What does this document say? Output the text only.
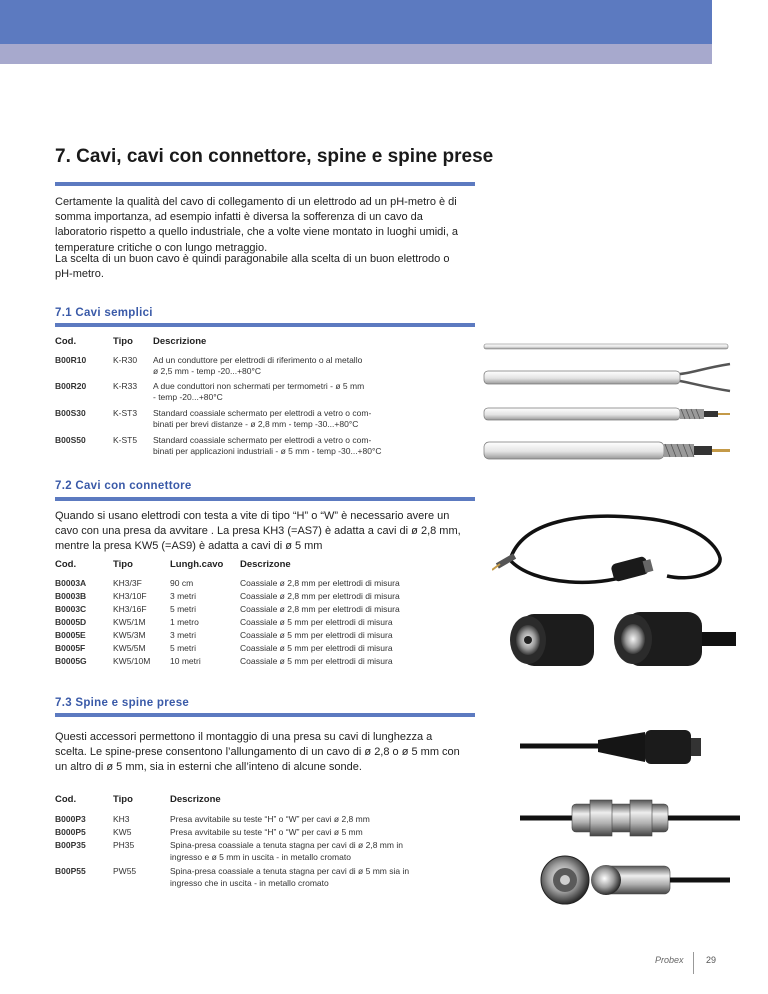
7. Cavi, cavi con connettore, spine e spine prese

Certamente la qualità del cavo di collegamento di un elettrodo ad un pH-metro è di somma importanza, ad esempio infatti è diversa la sofferenza di un cavo da laboratorio rispetto a quello industriale, che a volte viene montato in luoghi umidi, a temperature critiche o con lungo metraggio.

La scelta di un buon cavo è quindi paragonabile alla scelta di un buon elettrodo o pH-metro.

7.1 Cavi semplici
Cod.	Tipo Descrizione
B00R10	K-R30 Ad un conduttore per elettrodi di riferimento o al metallo
ø 2,5 mm - temp -20...+80°C
B00R20	K-R33 A due conduttori non schermati per termometri - ø 5 mm
- temp -20...+80°C
B00S30	K-ST3 Standard coassiale schermato per elettrodi a vetro o com-
binati per brevi distanze - ø 2,8 mm - temp -30...+80°C
B00S50	K-ST5 Standard coassiale schermato per elettrodi a vetro o com-
binati per applicazioni industriali - ø 5 mm - temp -30...+80°C
7.2 Cavi con connettore

Quando si usano elettrodi con testa a vite di tipo “H” o “W” è necessario avere un cavo con una presa da avvitare . La presa KH3 (=AS7) è adatta a cavi di ø 2,8 mm, mentre la presa KW5 (=AS9) è adatta a cavi di ø 5 mm

Cod.	Tipo	Lungh.cavo Descrizone
B0003A	KH3/3F	90 cm	Coassiale ø 2,8 mm per elettrodi di misura
B0003B	KH3/10F	3 metri	Coassiale ø 2,8 mm per elettrodi di misura
B0003C	KH3/16F	5 metri	Coassiale ø 2,8 mm per elettrodi di misura
B0005D	KW5/1M	1 metro	Coassiale ø 5 mm per elettrodi di misura
B0005E	KW5/3M	3 metri	Coassiale ø 5 mm per elettrodi di misura
B0005F	KW5/5M	5 metri	Coassiale ø 5 mm per elettrodi di misura
B0005G	KW5/10M 10 metri	Coassiale ø 5 mm per elettrodi di misura
7.3 Spine e spine prese

Questi accessori permettono il montaggio di una presa su cavi di lunghezza a scelta. Le spine-prese consentono l’allungamento di un cavo di ø 2,8 o ø 5 mm con un altro di ø 5 mm, sia in esterni che all’inteno di alcune sonde.

Cod.	Tipo	Descrizone
B000P3	KH3	Presa avvitabile su teste “H” o “W” per cavi ø 2,8 mm
B000P5	KW5	Presa avvitabile su teste “H” o “W” per cavi ø 5 mm
B00P35	PH35	Spina-presa coassiale a tenuta stagna per cavi di ø 2,8 mm in
ingresso e ø 5 mm in uscita - in metallo cromato
B00P55	PW55	Spina-presa coassiale a tenuta stagna per cavi di ø 5 mm sia in
ingresso che in uscita - in metallo cromato
Probex 29
